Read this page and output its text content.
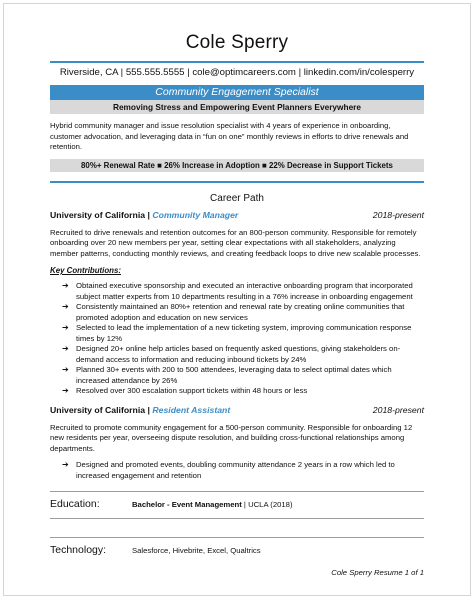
Cole Sperry
Riverside, CA | 555.555.5555 | cole@optimcareers.com | linkedin.com/in/colesperry
Community Engagement Specialist
Removing Stress and Empowering Event Planners Everywhere
Hybrid community manager and issue resolution specialist with 4 years of experience in onboarding, customer advocation, and leveraging data in “fun on one” monthly reviews in efforts to drive renewals and retention.
80%+ Renewal Rate ■ 26% Increase in Adoption ■ 22% Decrease in Support Tickets
Career Path
University of California | Community Manager	2018-present
Recruited to drive renewals and retention outcomes for an 800-person community. Responsible for remotely onboarding over 20 new members per year, setting clear expectations with all stakeholders, analyzing member patterns, conducting monthly reviews, and creating feedback loops to drive new scalable processes.
Key Contributions:
➔ Obtained executive sponsorship and executed an interactive onboarding program that incorporated subject matter experts from 10 departments resulting in a 76% increase in onboarding engagement
➔ Consistently maintained an 80%+ retention and renewal rate by creating online communities that promoted adoption and education on new services
➔ Selected to lead the implementation of a new ticketing system, improving communication response times by 12%
➔ Designed 20+ online help articles based on frequently asked questions, giving stakeholders on-demand access to information and reducing inbound tickets by 24%
➔ Planned 30+ events with 200 to 500 attendees, leveraging data to select optimal dates which increased attendance by 26%
➔ Resolved over 300 escalation support tickets within 48 hours or less
University of California | Resident Assistant	2018-present
Recruited to promote community engagement for a 500-person community. Responsible for onboarding 12 new residents per year, overseeing dispute resolution, and building cross-functional relationships among departments.
➔ Designed and promoted events, doubling community attendance 2 years in a row which led to increased engagement and retention
Education:	Bachelor - Event Management | UCLA (2018)
Technology:	Salesforce, Hivebrite, Excel, Qualtrics
Cole Sperry Resume 1 of 1
